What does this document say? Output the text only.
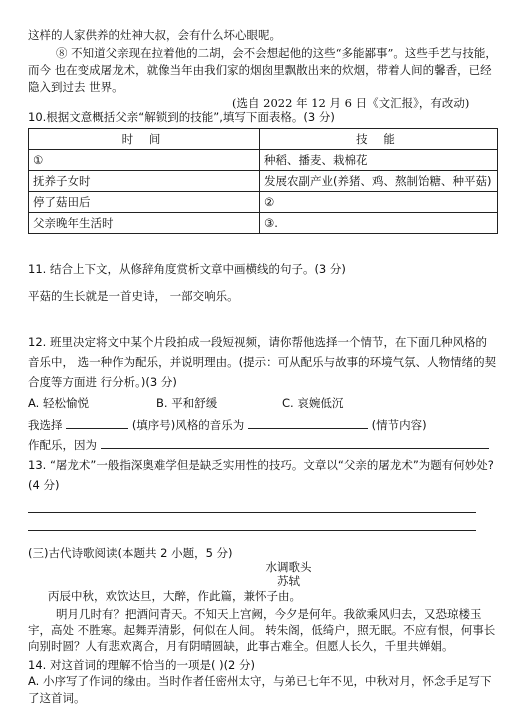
这样的人家供养的灶神大叔，会有什么坏心眼呢。
⑧ 不知道父亲现在拉着他的二胡，会不会想起他的这些“多能鄙事”。这些手艺与技能，而今 也在变成屠龙术，就像当年由我们家的烟囱里飘散出来的炊烟，带着人间的馨香，已经隐入到过去 世界。
(选自 2022 年 12 月 6 日《文汇报》，有改动)
10.根据文意概括父亲“解锁到的技能”,填写下面表格。(3 分)
时 间	技 能
①	种稻、播麦、栽棉花
抚养子女时	发展农副产业(养猪、鸡、熬制饴糖、种平菇)
停了菇田后	②
父亲晚年生活时	③.
11. 结合上下文，从修辞角度赏析文章中画横线的句子。(3 分)
平菇的生长就是一首史诗， 一部交响乐。
12. 班里决定将文中某个片段拍成一段短视频，请你帮他选择一个情节，在下面几种风格的音乐中， 选一种作为配乐，并说明理由。(提示：可从配乐与故事的环境气氛、人物情绪的契合度等方面进 行分析。)(3 分)
A. 轻松愉悦	B. 平和舒缓	C. 哀婉低沉
我选择	(填序号)风格的音乐为	(情节内容)
作配乐，因为
13. “屠龙术”一般指深奥难学但是缺乏实用性的技巧。文章以“父亲的屠龙术”为题有何妙处?(4 分)
(三)古代诗歌阅读(本题共 2 小题，5 分)
水调歌头
苏轼
丙辰中秋，欢饮达旦，大醉，作此篇，兼怀子由。
明月几时有？把酒问青天。不知天上宫阙，今夕是何年。我欲乘风归去，又恐琼楼玉宇，高处 不胜寒。起舞弄清影，何似在人间。 转朱阁，低绮户，照无眠。不应有恨，何事长向别时圆？人有悲欢离合，月有阴晴圆缺，此事古难全。但愿人长久，千里共婵娟。
14. 对这首词的理解不恰当的一项是( )(2 分)
A. 小序写了作词的缘由。当时作者任密州太守，与弟已七年不见，中秋对月，怀念手足写下了这首词。
